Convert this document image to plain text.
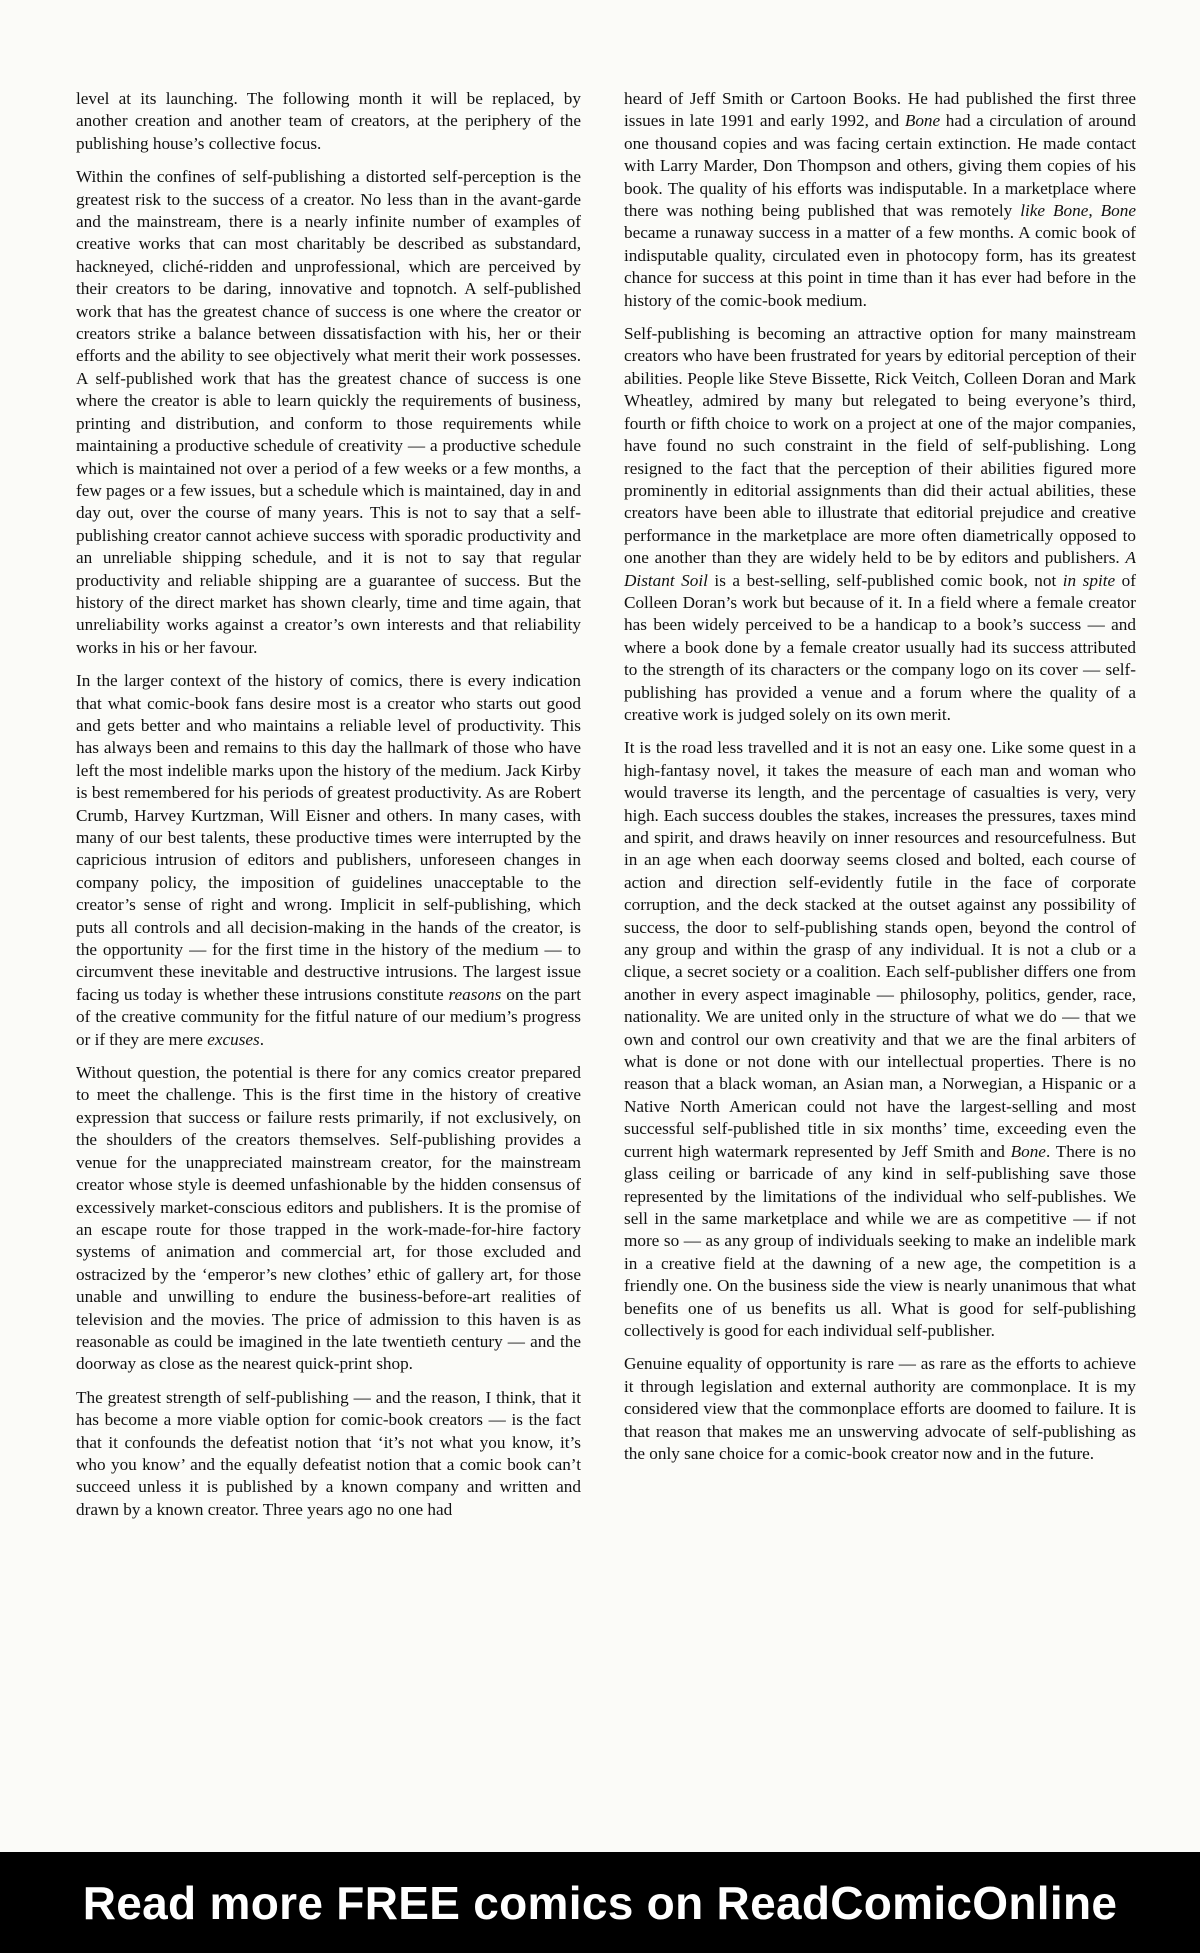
level at its launching. The following month it will be replaced, by another creation and another team of creators, at the periphery of the publishing house’s collective focus.

Within the confines of self-publishing a distorted self-perception is the greatest risk to the success of a creator. No less than in the avant-garde and the mainstream, there is a nearly infinite number of examples of creative works that can most charitably be described as substandard, hackneyed, cliché-ridden and unprofessional, which are perceived by their creators to be daring, innovative and topnotch. A self-published work that has the greatest chance of success is one where the creator or creators strike a balance between dissatisfaction with his, her or their efforts and the ability to see objectively what merit their work possesses. A self-published work that has the greatest chance of success is one where the creator is able to learn quickly the requirements of business, printing and distribution, and conform to those requirements while maintaining a productive schedule of creativity — a productive schedule which is maintained not over a period of a few weeks or a few months, a few pages or a few issues, but a schedule which is maintained, day in and day out, over the course of many years. This is not to say that a self-publishing creator cannot achieve success with sporadic productivity and an unreliable shipping schedule, and it is not to say that regular productivity and reliable shipping are a guarantee of success. But the history of the direct market has shown clearly, time and time again, that unreliability works against a creator’s own interests and that reliability works in his or her favour.

In the larger context of the history of comics, there is every indication that what comic-book fans desire most is a creator who starts out good and gets better and who maintains a reliable level of productivity. This has always been and remains to this day the hallmark of those who have left the most indelible marks upon the history of the medium. Jack Kirby is best remembered for his periods of greatest productivity. As are Robert Crumb, Harvey Kurtzman, Will Eisner and others. In many cases, with many of our best talents, these productive times were interrupted by the capricious intrusion of editors and publishers, unforeseen changes in company policy, the imposition of guidelines unacceptable to the creator’s sense of right and wrong. Implicit in self-publishing, which puts all controls and all decision-making in the hands of the creator, is the opportunity — for the first time in the history of the medium — to circumvent these inevitable and destructive intrusions. The largest issue facing us today is whether these intrusions constitute reasons on the part of the creative community for the fitful nature of our medium’s progress or if they are mere excuses.

Without question, the potential is there for any comics creator prepared to meet the challenge. This is the first time in the history of creative expression that success or failure rests primarily, if not exclusively, on the shoulders of the creators themselves. Self-publishing provides a venue for the unappreciated mainstream creator, for the mainstream creator whose style is deemed unfashionable by the hidden consensus of excessively market-conscious editors and publishers. It is the promise of an escape route for those trapped in the work-made-for-hire factory systems of animation and commercial art, for those excluded and ostracized by the ‘emperor’s new clothes’ ethic of gallery art, for those unable and unwilling to endure the business-before-art realities of television and the movies. The price of admission to this haven is as reasonable as could be imagined in the late twentieth century — and the doorway as close as the nearest quick-print shop.

The greatest strength of self-publishing — and the reason, I think, that it has become a more viable option for comic-book creators — is the fact that it confounds the defeatist notion that ‘it’s not what you know, it’s who you know’ and the equally defeatist notion that a comic book can’t succeed unless it is published by a known company and written and drawn by a known creator. Three years ago no one had

heard of Jeff Smith or Cartoon Books. He had published the first three issues in late 1991 and early 1992, and Bone had a circulation of around one thousand copies and was facing certain extinction. He made contact with Larry Marder, Don Thompson and others, giving them copies of his book. The quality of his efforts was indisputable. In a marketplace where there was nothing being published that was remotely like Bone, Bone became a runaway success in a matter of a few months. A comic book of indisputable quality, circulated even in photocopy form, has its greatest chance for success at this point in time than it has ever had before in the history of the comic-book medium.

Self-publishing is becoming an attractive option for many mainstream creators who have been frustrated for years by editorial perception of their abilities. People like Steve Bissette, Rick Veitch, Colleen Doran and Mark Wheatley, admired by many but relegated to being everyone’s third, fourth or fifth choice to work on a project at one of the major companies, have found no such constraint in the field of self-publishing. Long resigned to the fact that the perception of their abilities figured more prominently in editorial assignments than did their actual abilities, these creators have been able to illustrate that editorial prejudice and creative performance in the marketplace are more often diametrically opposed to one another than they are widely held to be by editors and publishers. A Distant Soil is a best-selling, self-published comic book, not in spite of Colleen Doran’s work but because of it. In a field where a female creator has been widely perceived to be a handicap to a book’s success — and where a book done by a female creator usually had its success attributed to the strength of its characters or the company logo on its cover — self-publishing has provided a venue and a forum where the quality of a creative work is judged solely on its own merit.

It is the road less travelled and it is not an easy one. Like some quest in a high-fantasy novel, it takes the measure of each man and woman who would traverse its length, and the percentage of casualties is very, very high. Each success doubles the stakes, increases the pressures, taxes mind and spirit, and draws heavily on inner resources and resourcefulness. But in an age when each doorway seems closed and bolted, each course of action and direction self-evidently futile in the face of corporate corruption, and the deck stacked at the outset against any possibility of success, the door to self-publishing stands open, beyond the control of any group and within the grasp of any individual. It is not a club or a clique, a secret society or a coalition. Each self-publisher differs one from another in every aspect imaginable — philosophy, politics, gender, race, nationality. We are united only in the structure of what we do — that we own and control our own creativity and that we are the final arbiters of what is done or not done with our intellectual properties. There is no reason that a black woman, an Asian man, a Norwegian, a Hispanic or a Native North American could not have the largest-selling and most successful self-published title in six months’ time, exceeding even the current high watermark represented by Jeff Smith and Bone. There is no glass ceiling or barricade of any kind in self-publishing save those represented by the limitations of the individual who self-publishes. We sell in the same marketplace and while we are as competitive — if not more so — as any group of individuals seeking to make an indelible mark in a creative field at the dawning of a new age, the competition is a friendly one. On the business side the view is nearly unanimous that what benefits one of us benefits us all. What is good for self-publishing collectively is good for each individual self-publisher.

Genuine equality of opportunity is rare — as rare as the efforts to achieve it through legislation and external authority are commonplace. It is my considered view that the commonplace efforts are doomed to failure. It is that reason that makes me an unswerving advocate of self-publishing as the only sane choice for a comic-book creator now and in the future.

Read more FREE comics on ReadComicOnline
